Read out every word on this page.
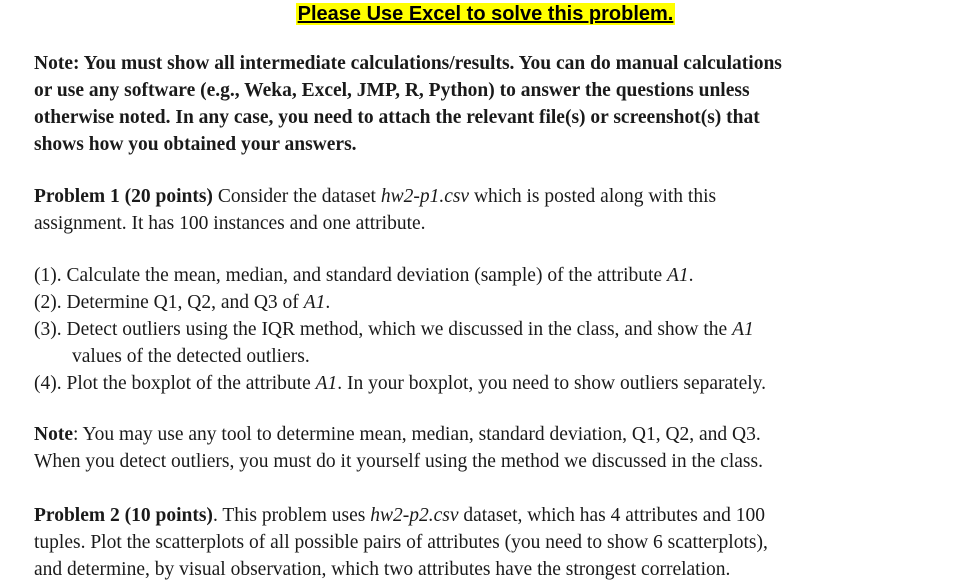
Please Use Excel to solve this problem.
Note: You must show all intermediate calculations/results. You can do manual calculations
or use any software (e.g., Weka, Excel, JMP, R, Python) to answer the questions unless
otherwise noted. In any case, you need to attach the relevant file(s) or screenshot(s) that
shows how you obtained your answers.
Problem 1 (20 points) Consider the dataset hw2-p1.csv which is posted along with this
assignment. It has 100 instances and one attribute.
(1). Calculate the mean, median, and standard deviation (sample) of the attribute A1.
(2). Determine Q1, Q2, and Q3 of A1.
(3). Detect outliers using the IQR method, which we discussed in the class, and show the A1
values of the detected outliers.
(4). Plot the boxplot of the attribute A1. In your boxplot, you need to show outliers separately.
Note: You may use any tool to determine mean, median, standard deviation, Q1, Q2, and Q3.
When you detect outliers, you must do it yourself using the method we discussed in the class.
Problem 2 (10 points). This problem uses hw2-p2.csv dataset, which has 4 attributes and 100
tuples. Plot the scatterplots of all possible pairs of attributes (you need to show 6 scatterplots),
and determine, by visual observation, which two attributes have the strongest correlation.
